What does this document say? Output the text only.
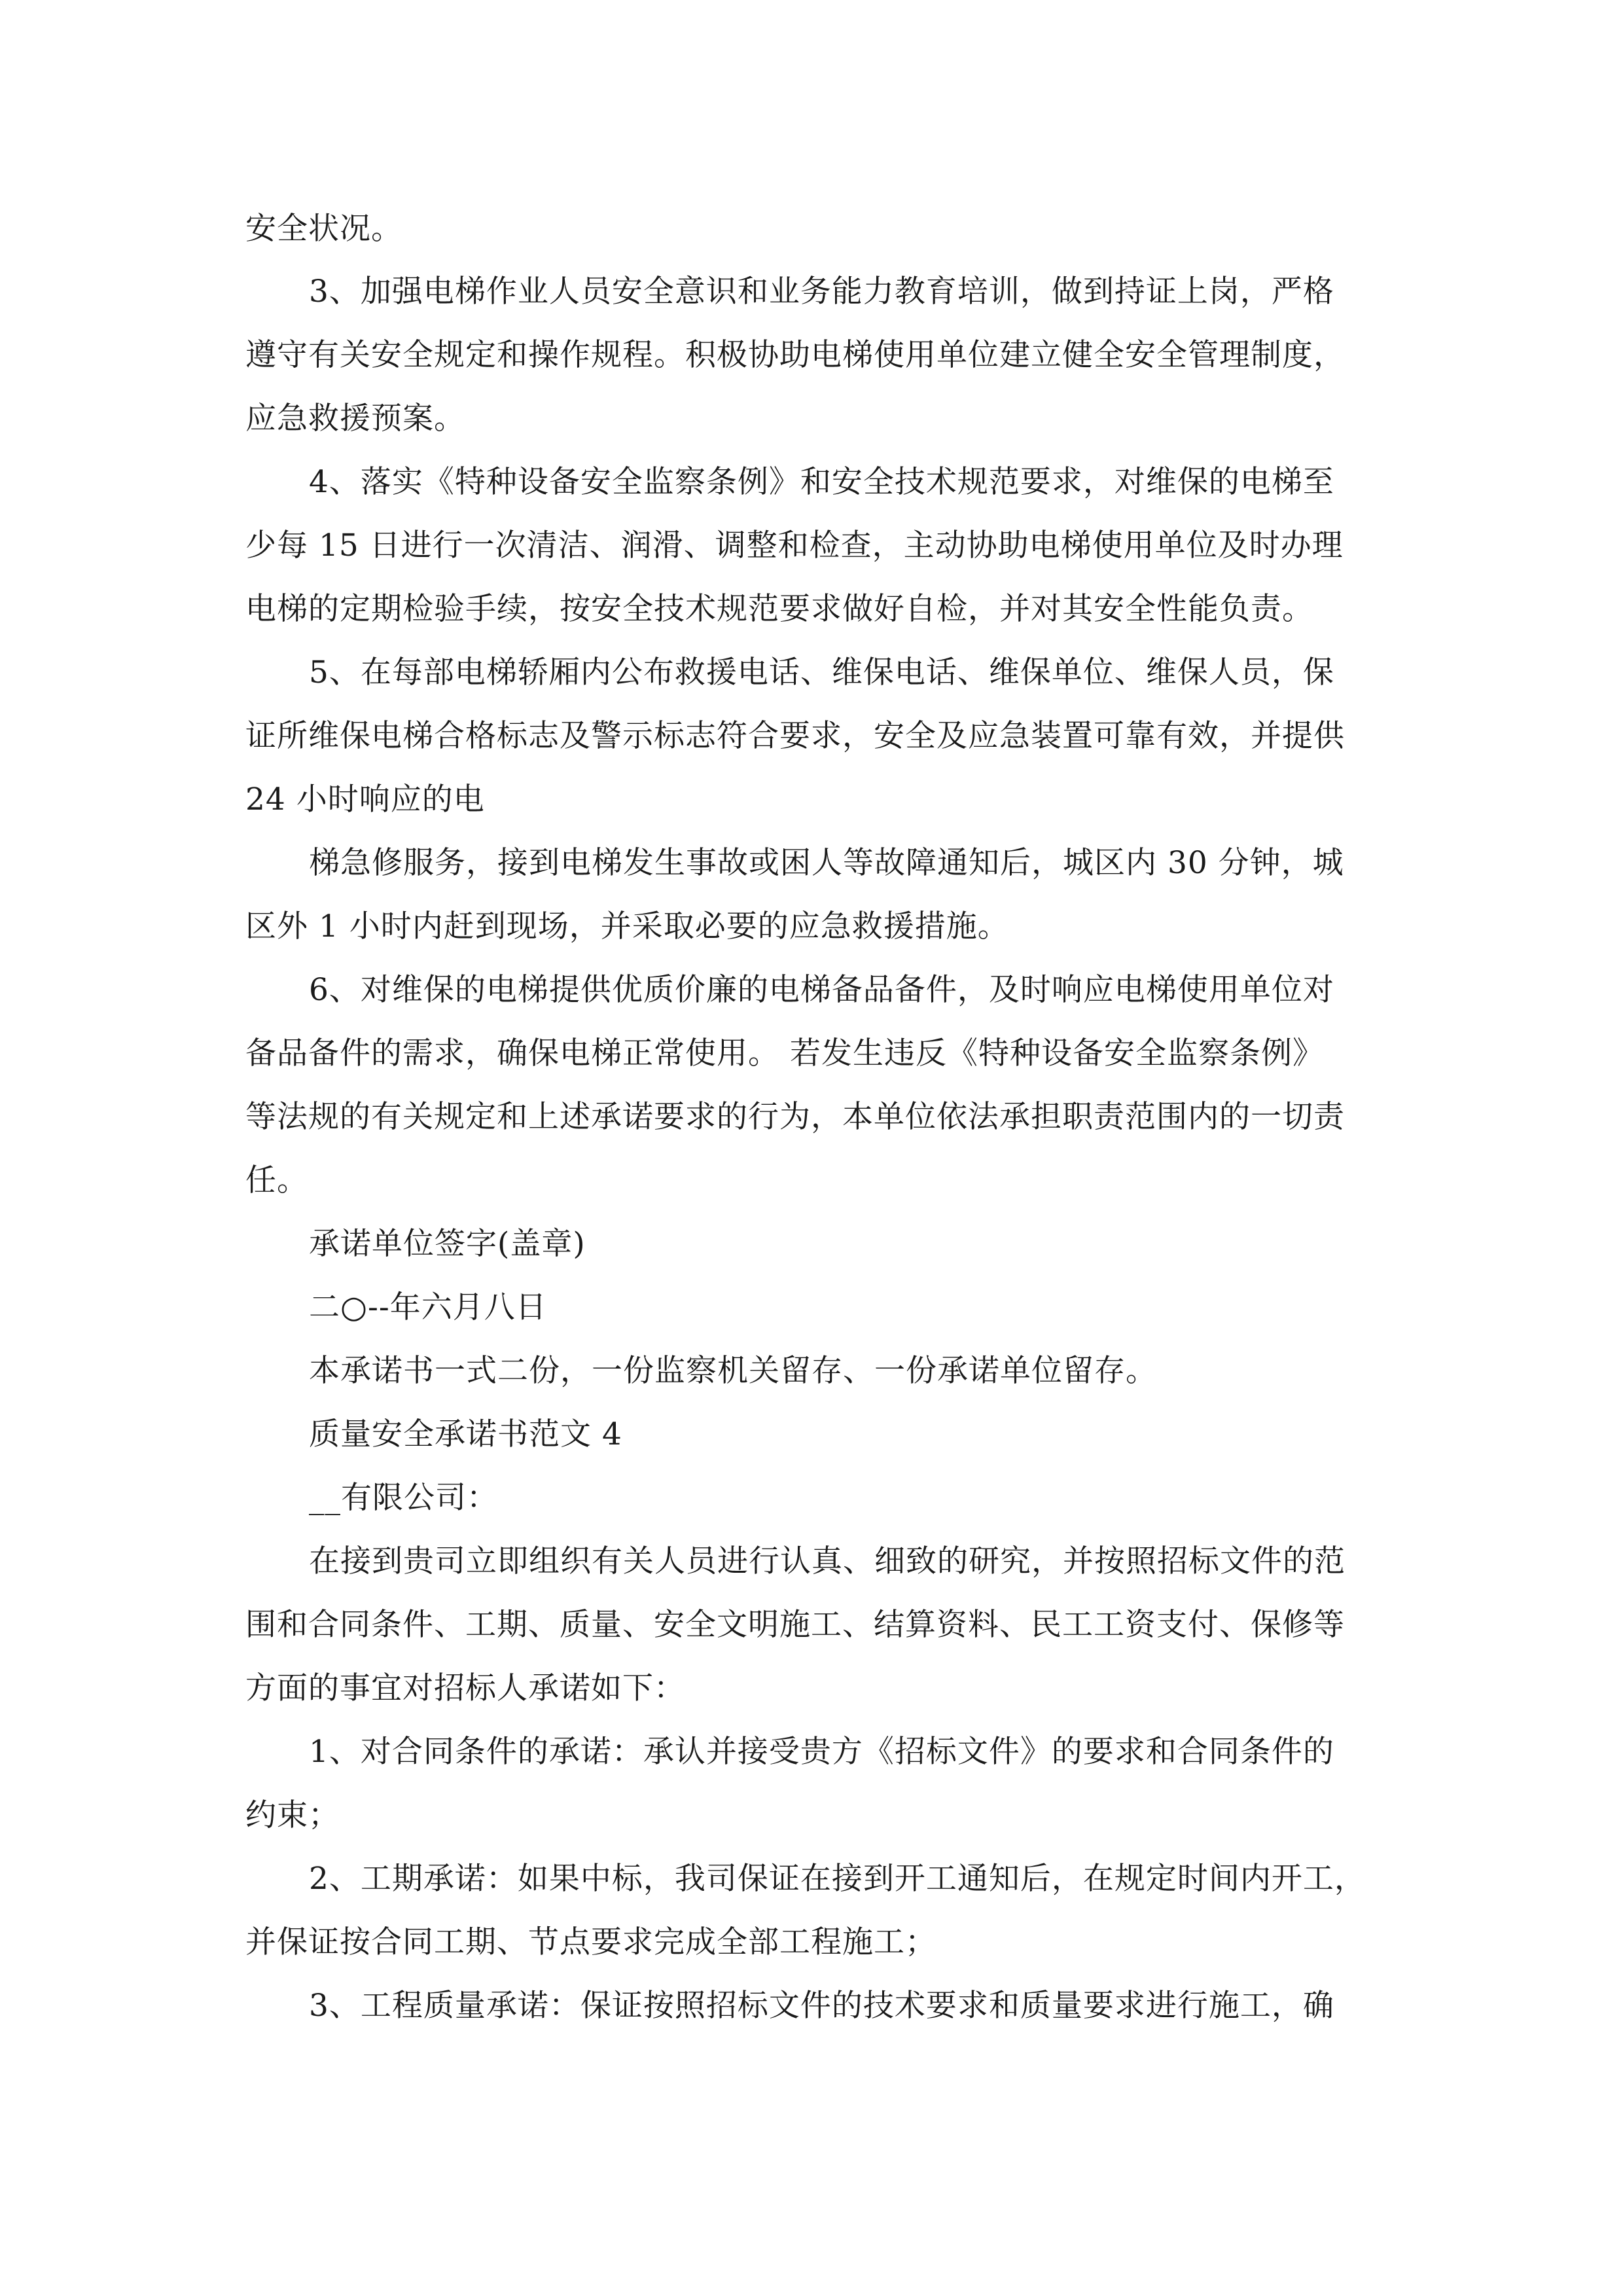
安全状况。
3、加强电梯作业人员安全意识和业务能力教育培训，做到持证上岗，严格
遵守有关安全规定和操作规程。积极协助电梯使用单位建立健全安全管理制度，
应急救援预案。
4、落实《特种设备安全监察条例》和安全技术规范要求，对维保的电梯至
少每 15 日进行一次清洁、润滑、调整和检查，主动协助电梯使用单位及时办理
电梯的定期检验手续，按安全技术规范要求做好自检，并对其安全性能负责。
5、在每部电梯轿厢内公布救援电话、维保电话、维保单位、维保人员，保
证所维保电梯合格标志及警示标志符合要求，安全及应急装置可靠有效，并提供
24 小时响应的电
梯急修服务，接到电梯发生事故或困人等故障通知后，城区内 30 分钟，城
区外 1 小时内赶到现场，并采取必要的应急救援措施。
6、对维保的电梯提供优质价廉的电梯备品备件，及时响应电梯使用单位对
备品备件的需求，确保电梯正常使用。 若发生违反《特种设备安全监察条例》
等法规的有关规定和上述承诺要求的行为，本单位依法承担职责范围内的一切责
任。
承诺单位签字(盖章)
二○--年六月八日
本承诺书一式二份，一份监察机关留存、一份承诺单位留存。
质量安全承诺书范文 4
__有限公司：
在接到贵司立即组织有关人员进行认真、细致的研究，并按照招标文件的范
围和合同条件、工期、质量、安全文明施工、结算资料、民工工资支付、保修等
方面的事宜对招标人承诺如下：
1、对合同条件的承诺：承认并接受贵方《招标文件》的要求和合同条件的
约束；
2、工期承诺：如果中标，我司保证在接到开工通知后，在规定时间内开工，
并保证按合同工期、节点要求完成全部工程施工；
3、工程质量承诺：保证按照招标文件的技术要求和质量要求进行施工，确
